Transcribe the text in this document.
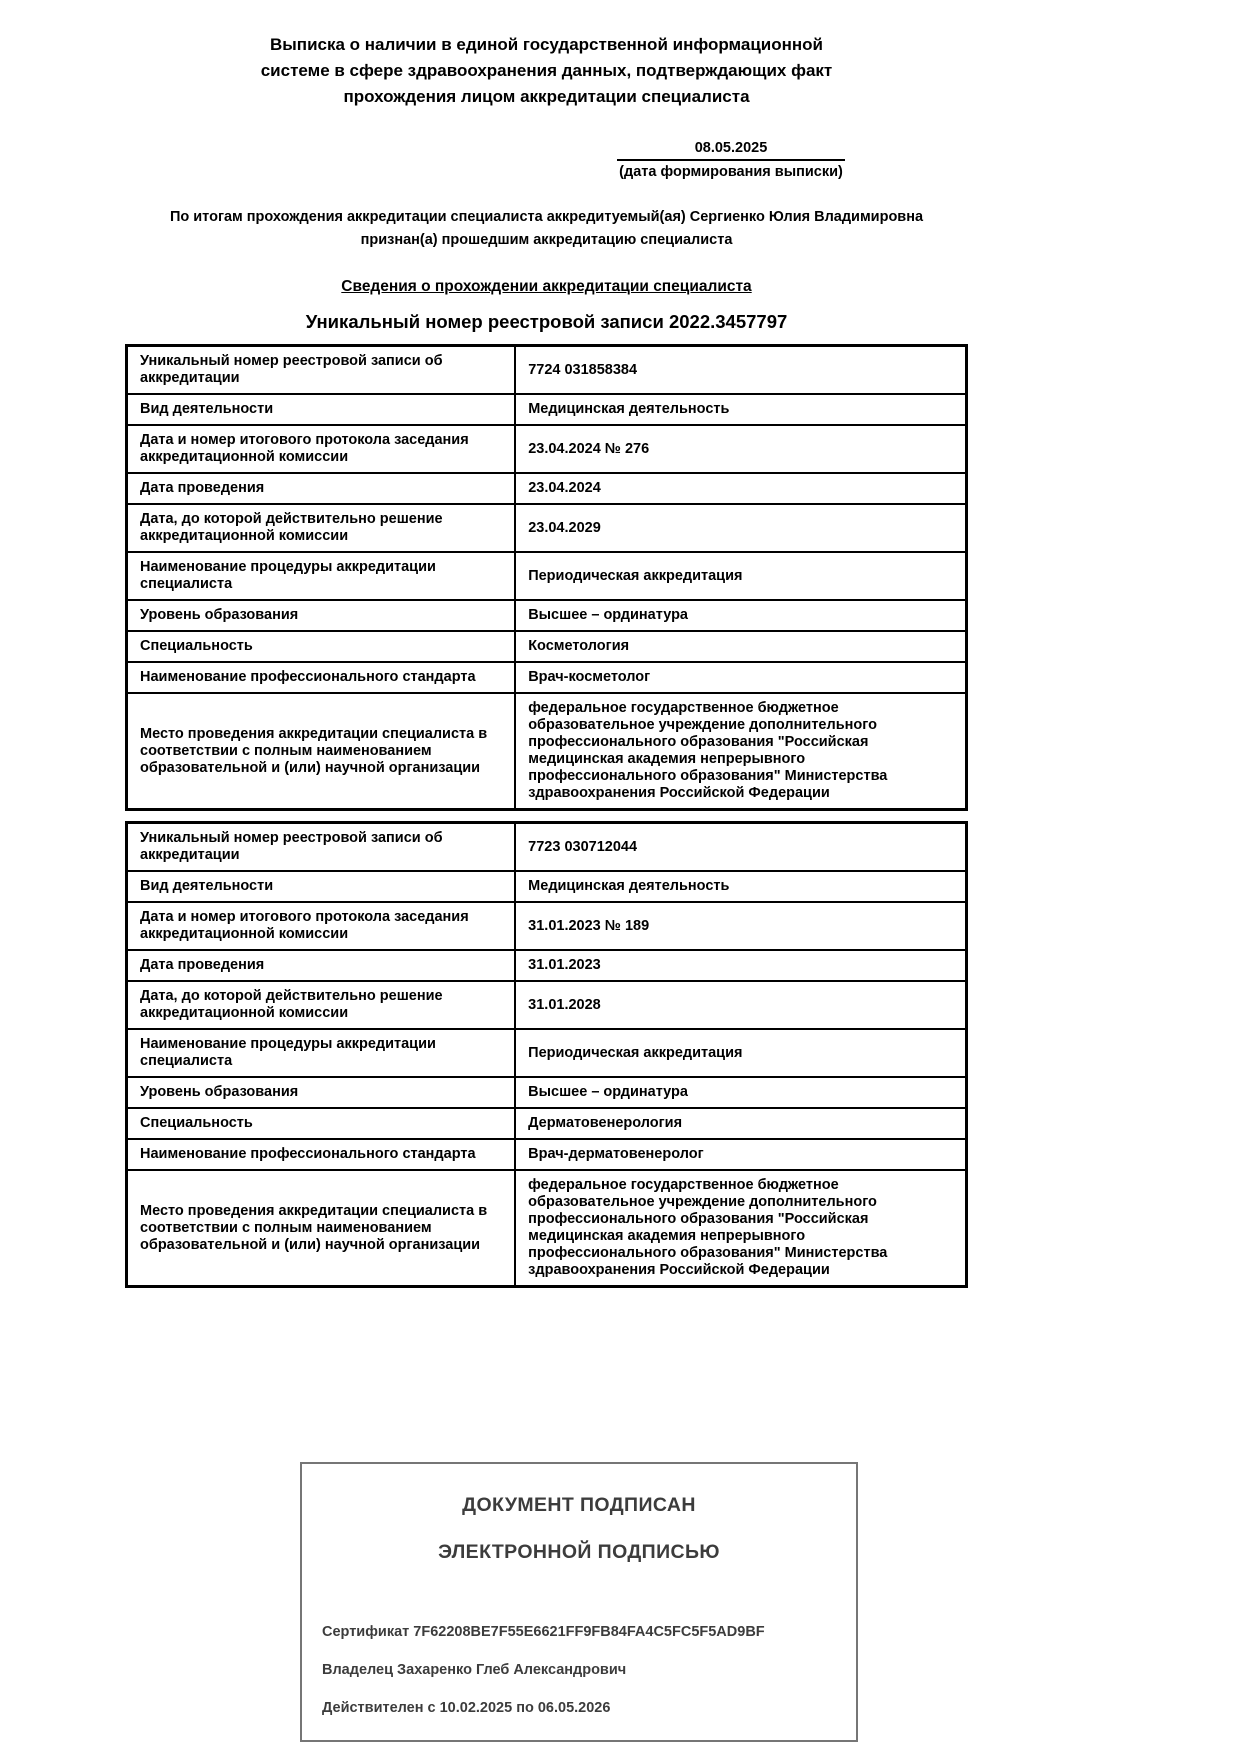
Выписка о наличии в единой государственной информационной
системе в сфере здравоохранения данных, подтверждающих факт
прохождения лицом аккредитации специалиста
08.05.2025
(дата формирования выписки)
По итогам прохождения аккредитации специалиста аккредитуемый(ая) Сергиенко Юлия Владимировна
признан(а) прошедшим аккредитацию специалиста
Сведения о прохождении аккредитации специалиста
Уникальный номер реестровой записи 2022.3457797
Уникальный номер реестровой записи об аккредитации	7724 031858384
Вид деятельности	Медицинская деятельность
Дата и номер итогового протокола заседания аккредитационной комиссии	23.04.2024 № 276
Дата проведения	23.04.2024
Дата, до которой действительно решение аккредитационной комиссии	23.04.2029
Наименование процедуры аккредитации специалиста	Периодическая аккредитация
Уровень образования	Высшее – ординатура
Специальность	Косметология
Наименование профессионального стандарта	Врач-косметолог
Место проведения аккредитации специалиста в соответствии с полным наименованием образовательной и (или) научной организации	федеральное государственное бюджетное образовательное учреждение дополнительного профессионального образования "Российская медицинская академия непрерывного профессионального образования" Министерства здравоохранения Российской Федерации
Уникальный номер реестровой записи об аккредитации	7723 030712044
Вид деятельности	Медицинская деятельность
Дата и номер итогового протокола заседания аккредитационной комиссии	31.01.2023 № 189
Дата проведения	31.01.2023
Дата, до которой действительно решение аккредитационной комиссии	31.01.2028
Наименование процедуры аккредитации специалиста	Периодическая аккредитация
Уровень образования	Высшее – ординатура
Специальность	Дерматовенерология
Наименование профессионального стандарта	Врач-дерматовенеролог
Место проведения аккредитации специалиста в соответствии с полным наименованием образовательной и (или) научной организации	федеральное государственное бюджетное образовательное учреждение дополнительного профессионального образования "Российская медицинская академия непрерывного профессионального образования" Министерства здравоохранения Российской Федерации
ДОКУМЕНТ ПОДПИСАН
ЭЛЕКТРОННОЙ ПОДПИСЬЮ
Сертификат 7F62208BE7F55E6621FF9FB84FA4C5FC5F5AD9BF
Владелец Захаренко Глеб Александрович
Действителен с 10.02.2025 по 06.05.2026
